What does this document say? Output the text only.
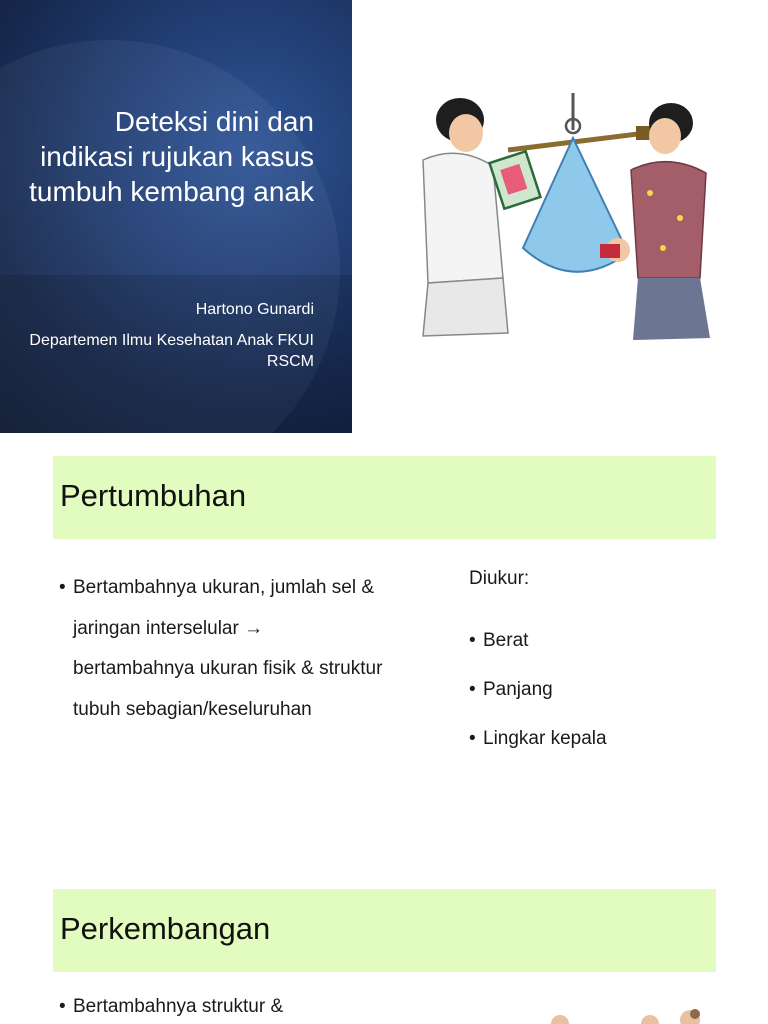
Deteksi dini dan indikasi rujukan kasus tumbuh kembang anak
Hartono Gunardi
Departemen Ilmu Kesehatan Anak FKUI RSCM
Pertumbuhan
• Bertambahnya ukuran, jumlah sel & jaringan interselular → bertambahnya ukuran fisik & struktur tubuh sebagian/keseluruhan
Diukur:
• Berat
• Panjang
• Lingkar kepala
Perkembangan
• Bertambahnya struktur &
